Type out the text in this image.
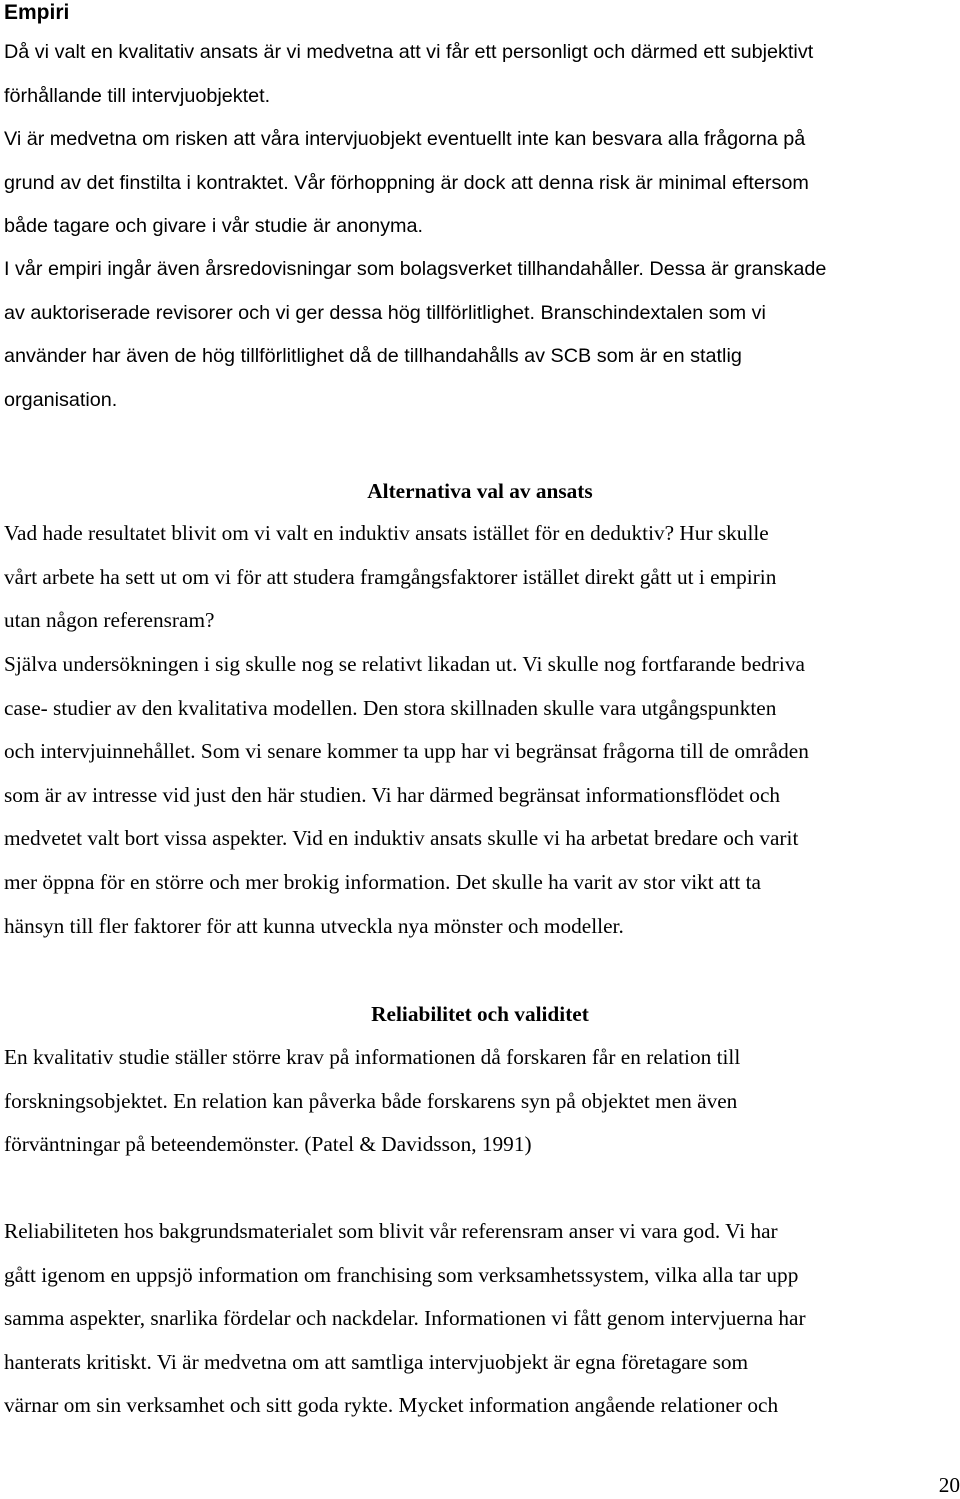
Empiri

Då vi valt en kvalitativ ansats är vi medvetna att vi får ett personligt och därmed ett subjektivt
förhållande till intervjuobjektet.

Vi är medvetna om risken att våra intervjuobjekt eventuellt inte kan besvara alla frågorna på
grund av det finstilta i kontraktet. Vår förhoppning är dock att denna risk är minimal eftersom
både tagare och givare i vår studie är anonyma.

I vår empiri ingår även årsredovisningar som bolagsverket tillhandahåller. Dessa är granskade
av auktoriserade revisorer och vi ger dessa hög tillförlitlighet. Branschindextalen som vi
använder har även de hög tillförlitlighet då de tillhandahålls av SCB som är en statlig
organisation.

Alternativa val av ansats

Vad hade resultatet blivit om vi valt en induktiv ansats istället för en deduktiv? Hur skulle
vårt arbete ha sett ut om vi för att studera framgångsfaktorer istället direkt gått ut i empirin
utan någon referensram?

Själva undersökningen i sig skulle nog se relativt likadan ut. Vi skulle nog fortfarande bedriva
case- studier av den kvalitativa modellen. Den stora skillnaden skulle vara utgångspunkten
och intervjuinnehållet. Som vi senare kommer ta upp har vi begränsat frågorna till de områden
som är av intresse vid just den här studien. Vi har därmed begränsat informationsflödet och
medvetet valt bort vissa aspekter. Vid en induktiv ansats skulle vi ha arbetat bredare och varit
mer öppna för en större och mer brokig information. Det skulle ha varit av stor vikt att ta
hänsyn till fler faktorer för att kunna utveckla nya mönster och modeller.

Reliabilitet och validitet

En kvalitativ studie ställer större krav på informationen då forskaren får en relation till
forskningsobjektet. En relation kan påverka både forskarens syn på objektet men även
förväntningar på beteendemönster. (Patel & Davidsson, 1991)

Reliabiliteten hos bakgrundsmaterialet som blivit vår referensram anser vi vara god. Vi har
gått igenom en uppsjö information om franchising som verksamhetssystem, vilka alla tar upp
samma aspekter, snarlika fördelar och nackdelar. Informationen vi fått genom intervjuerna har
hanterats kritiskt. Vi är medvetna om att samtliga intervjuobjekt är egna företagare som
värnar om sin verksamhet och sitt goda rykte. Mycket information angående relationer och

20
